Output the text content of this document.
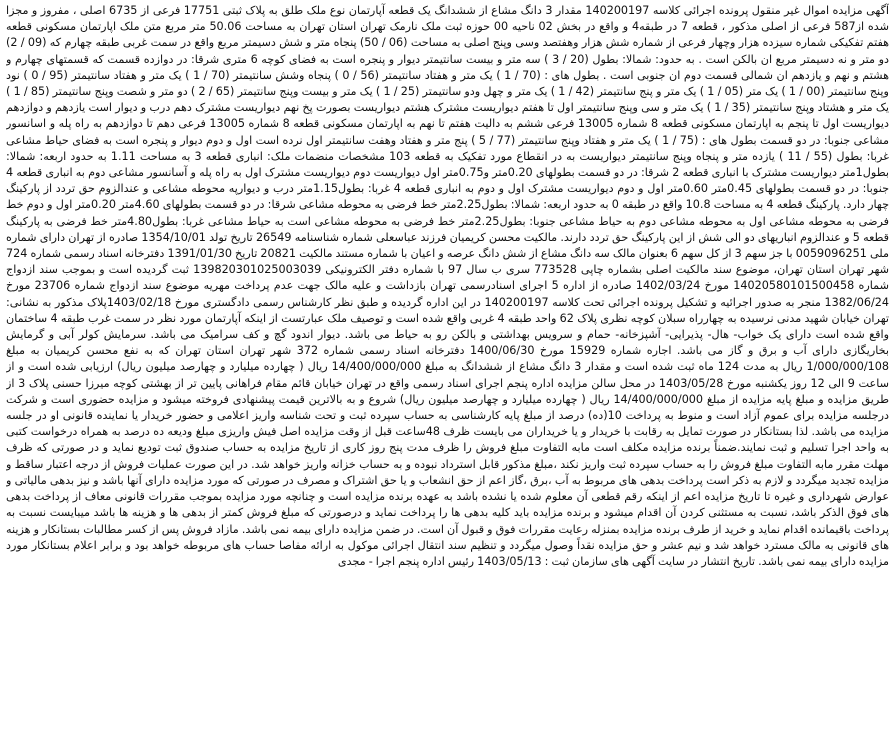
آگهی مزایده اموال غیر منقول پرونده اجرائی کلاسه 140200197 مقدار 3 دانگ مشاع از ششدانگ یک قطعه آپارتمان نوع ملک طلق به پلاک ثبتی 17751 فرعی از 6735 اصلی ، مفروز و مجزا شده از587 فرعی از اصلی مذکور ، قطعه 7 در طبقه4 و واقع در بخش 02 ناحیه 00 حوزه ثبت ملک نارمک تهران استان تهران به مساحت 50.06 متر مربع متن ملک اپارتمان مسکونی قطعه هفتم تفکیکی شماره سیزده هزار وچهار فرعی از شماره شش هزار وهفتصد وسی وپنج اصلی به مساحت (06 / 50) پنجاه متر و شش دسیمتر مربع واقع در سمت غربی طبقه چهارم که (09 / 2) دو متر و نه دسیمتر مربع ان بالکن است . به حدود: شمالا: بطول (20 / 3 ) سه متر و بیست سانتیمتر دیوار و پنجره است به فضای کوچه 6 متری شرقا: در دوازده قسمت که قسمتهای چهارم و هشتم و نهم و یازدهم ان شمالی قسمت دوم ان جنوبی است . بطول های : (70 / 1 ) یک متر و هفتاد سانتیمتر (56 / 0 ) پنجاه وشش سانتیمتر (70 / 1 ) یک متر و هفتاد سانتیمتر (95 / 0 ) نود وپنج سانتیمتر (00 / 1 ) یک متر (05 / 1 ) یک متر و پنج سانتیمتر (42 / 1 ) یک متر و چهل ودو سانتیمتر (25 / 1 ) یک متر و بیست وپنج سانتیمتر (65 / 2 ) دو متر و شصت وپنج سانتیمتر (85 / 1 ) یک متر و هشتاد وپنج سانتیمتر (35 / 1 ) یک متر و سی وپنج سانتیمتر اول تا هفتم دیواریست مشترک هشتم دیواریست بصورت پخ نهم دیواریست مشترک دهم درب و دیوار است یازدهم و دوازدهم دیواریست اول تا پنجم به اپارتمان مسکونی قطعه 8 شماره 13005 فرعی ششم به دالیت هفتم تا نهم به اپارتمان مسکونی قطعه 8 شماره 13005 فرعی دهم تا دوازدهم به راه پله و اسانسور مشاعی جنوبا: در دو قسمت بطول های : (75 / 1 ) یک متر و هفتاد وپنج سانتیمتر (77 / 5 ) پنج متر و هفتاد وهفت سانتیمتر اول نرده است اول و دوم دیوار و پنجره است به فضای حیاط مشاعی غربا: بطول (55 / 11 ) یازده متر و پنجاه وپنج سانتیمتر دیواریست به در انقطاع مورد تفکیک به قطعه 103 مشخصات منضمات ملک: انباری قطعه 3 به مساحت 1.11 به حدود اربعه: شمالا: بطول1متر دیواریست مشترک با انباری قطعه 2 شرقا: در دو قسمت بطولهای 0.20متر و0.75متر اول دیواریست دوم دیواریست مشترک اول به راه پله و آسانسور مشاعی دوم به انباری قطعه 4 جنوبا: در دو قسمت بطولهای 0.45متر 0.60متر اول و دوم دیواریست مشترک اول و دوم به انباری قطعه 4 غربا: بطول1.15متر درب و دیوارپه محوطه مشاعی و عندالزوم حق تردد از پارکینگ چهار دارد. پارکینگ قطعه 4 به مساحت 10.8 واقع در طبقه 0 به حدود اربعه: شمالا: بطول2.25متر خط فرضی به محوطه مشاعی شرقا: در دو قسمت بطولهای 4.60متر 0.20متر اول و دوم خط فرضی به محوطه مشاعی اول به محوطه مشاعی دوم به حیاط مشاعی جنوبا: بطول2.25متر خط فرضی به محوطه مشاعی است به حیاط مشاعی غربا: بطول4.80متر خط فرضی به پارکینگ قطعه 5 و عندالزوم انباریهای دو الی شش از این پارکینگ حق تردد دارند. مالکیت محسن کریمیان فرزند عباسعلی شماره شناسنامه 26549 تاریخ تولد 1354/10/01 صادره از تهران دارای شماره ملی 0059096251 با جز سهم 3 از کل سهم 6 بعنوان مالک سه دانگ مشاع از شش دانگ عرصه و اعیان با شماره مستند مالکیت 20821 تاریخ 1391/01/30 دفترخانه اسناد رسمی شماره 724 شهر تهران استان تهران، موضوع سند مالکیت اصلی بشماره چاپی 773528 سری ب سال 97 با شماره دفتر الکترونیکی 139820301025003039 ثبت گردیده است و بموجب سند ازدواج شماره 14020580101500458 مورخ 1402/03/24 صادره از اداره 5 اجرای اسنادرسمی تهران بازداشت و علیه مالک جهت عدم پرداخت مهریه موضوع سند ازدواج شماره 23706 مورخ 1382/06/24 منجر به صدور اجرائیه و تشکیل پرونده اجرائی تحت کلاسه 140200197 در این اداره گردیده و طبق نظر کارشناس رسمی دادگستری مورخ 1403/02/18پلاک مذکور به نشانی: تهران خیابان شهید مدنی نرسیده به چهارراه سبلان کوچه نظری پلاک 62 واحد طبقه 4 غربی واقع شده است و توصیف ملک عبارتست از اینکه آپارتمان مورد نظر در سمت غرب طبقه 4 ساختمان واقع شده است دارای یک خواب- هال- پذیرایی- آشپزخانه- حمام و سرویس بهداشتی و بالکن رو به حیاط می باشد. دیوار اندود گچ و کف سرامیک می باشد. سرمایش کولر آبی و گرمایش بخاریگازی دارای آب و برق و گاز می باشد. اجاره شماره 15929 مورخ 1400/06/30 دفترخانه اسناد رسمی شماره 372 شهر تهران استان تهران که به نفع محسن کریمیان به مبلغ 1/000/000/108 ریال به مدت 124 ماه ثبت شده است و مقدار 3 دانگ مشاع از ششدانگ به مبلغ 14/400/000/000 ریال ( چهارده میلیارد و چهارصد میلیون ریال) ارزیابی شده است و از ساعت 9 الی 12 روز یکشنبه مورخ 1403/05/28 در محل سالن مزایده اداره پنجم اجرای اسناد رسمی واقع در تهران خیابان قائم مقام فراهانی پایین تر از بهشتی کوچه میرزا حسنی پلاک 3 از طریق مزایده و مبلغ پایه مزایده از مبلغ 14/400/000/000 ریال ( چهارده میلیارد و چهارصد میلیون ریال) شروع و به بالاترین قیمت پیشنهادی فروخته میشود و مزایده حضوری است و شرکت درجلسه مزایده برای عموم آزاد است و منوط به پرداخت 10(ده) درصد از مبلغ پایه کارشناسی به حساب سپرده ثبت و تحت شناسه واریز اعلامی و حضور خریدار یا نماینده قانونی او در جلسه مزایده می باشد. لذا بستانکار در صورت تمایل به رقابت با خریدار و یا خریداران می بایست ظرف 48ساعت قبل از وقت مزایده اصل فیش واریزی مبلغ ودیعه ده درصد به همراه درخواست کتبی به واحد اجرا تسلیم و ثبت نمایند.ضمناً برنده مزایده مکلف است مابه التفاوت مبلغ فروش را ظرف مدت پنج روز کاری از تاریخ مزایده به حساب صندوق ثبت تودیع نماید و در صورتی که ظرف مهلت مقرر مابه التفاوت مبلغ فروش را به حساب سپرده ثبت واریز نکند ،مبلغ مذکور قابل استرداد نبوده و به حساب خزانه واریز خواهد شد. در این صورت عملیات فروش از درجه اعتبار ساقط و مزایده تجدید میگردد و لازم به ذکر است پرداخت بدهی های مربوط به آب ،برق ،گاز اعم از حق انشعاب و یا حق اشتراک و مصرف در صورتی که مورد مزایده دارای آنها باشد و نیز بدهی مالیاتی و عوارض شهرداری و غیره تا تاریخ مزایده اعم از اینکه رقم قطعی آن معلوم شده یا نشده باشد به عهده برنده مزایده است و چنانچه مورد مزایده بموجب مقررات قانونی معاف از پرداخت بدهی های فوق الذکر باشد، نسبت به مستثنی کردن آن اقدام میشود و برنده مزایده باید کلیه بدهی ها را پرداخت نماید و درصورتی که مبلغ فروش کمتر از بدهی ها و هزینه ها باشد میبایست نسبت به پرداخت باقیمانده اقدام نماید و خرید از طرف برنده مزایده بمنزله رعایت مقررات فوق و قبول آن است. در ضمن مزایده دارای بیمه نمی باشد. مازاد فروش پس از کسر مطالبات بستانکار و هزینه های قانونی به مالک مسترد خواهد شد و نیم عشر و حق مزایده نقداً وصول میگردد و تنظیم سند انتقال اجرائی موکول به ارائه مفاصا حساب های مربوطه خواهد بود و برابر اعلام بستانکار مورد مزایده دارای بیمه نمی باشد. تاریخ انتشار در سایت آگهی های سازمان ثبت : 1403/05/13 رئیس اداره پنجم اجرا - مجدی
